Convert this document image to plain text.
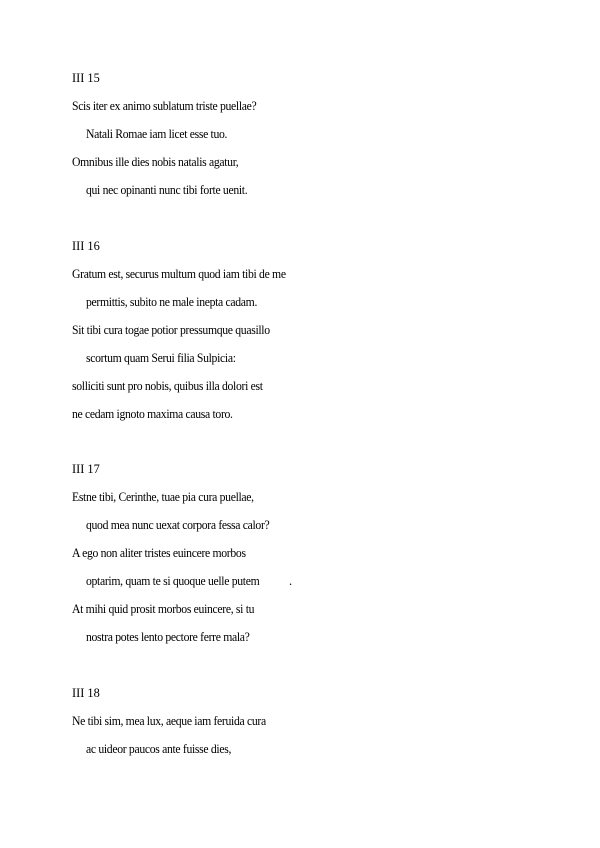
III 15
Scis iter ex animo sublatum triste puellae?
Natali Romae iam licet esse tuo.
Omnibus ille dies nobis natalis agatur,
qui nec opinanti nunc tibi forte uenit.
III 16
Gratum est, securus multum quod iam tibi de me
permittis, subito ne male inepta cadam.
Sit tibi cura togae potior pressumque quasillo
scortum quam Serui filia Sulpicia:
solliciti sunt pro nobis, quibus illa dolori est
ne cedam ignoto maxima causa toro.
III 17
Estne tibi, Cerinthe, tuae pia cura puellae,
quod mea nunc uexat corpora fessa calor?
A ego non aliter tristes euincere morbos
optarim, quam te si quoque uelle putem .
At mihi quid prosit morbos euincere, si tu
nostra potes lento pectore ferre mala?
III 18
Ne tibi sim, mea lux, aeque iam feruida cura
ac uideor paucos ante fuisse dies,
